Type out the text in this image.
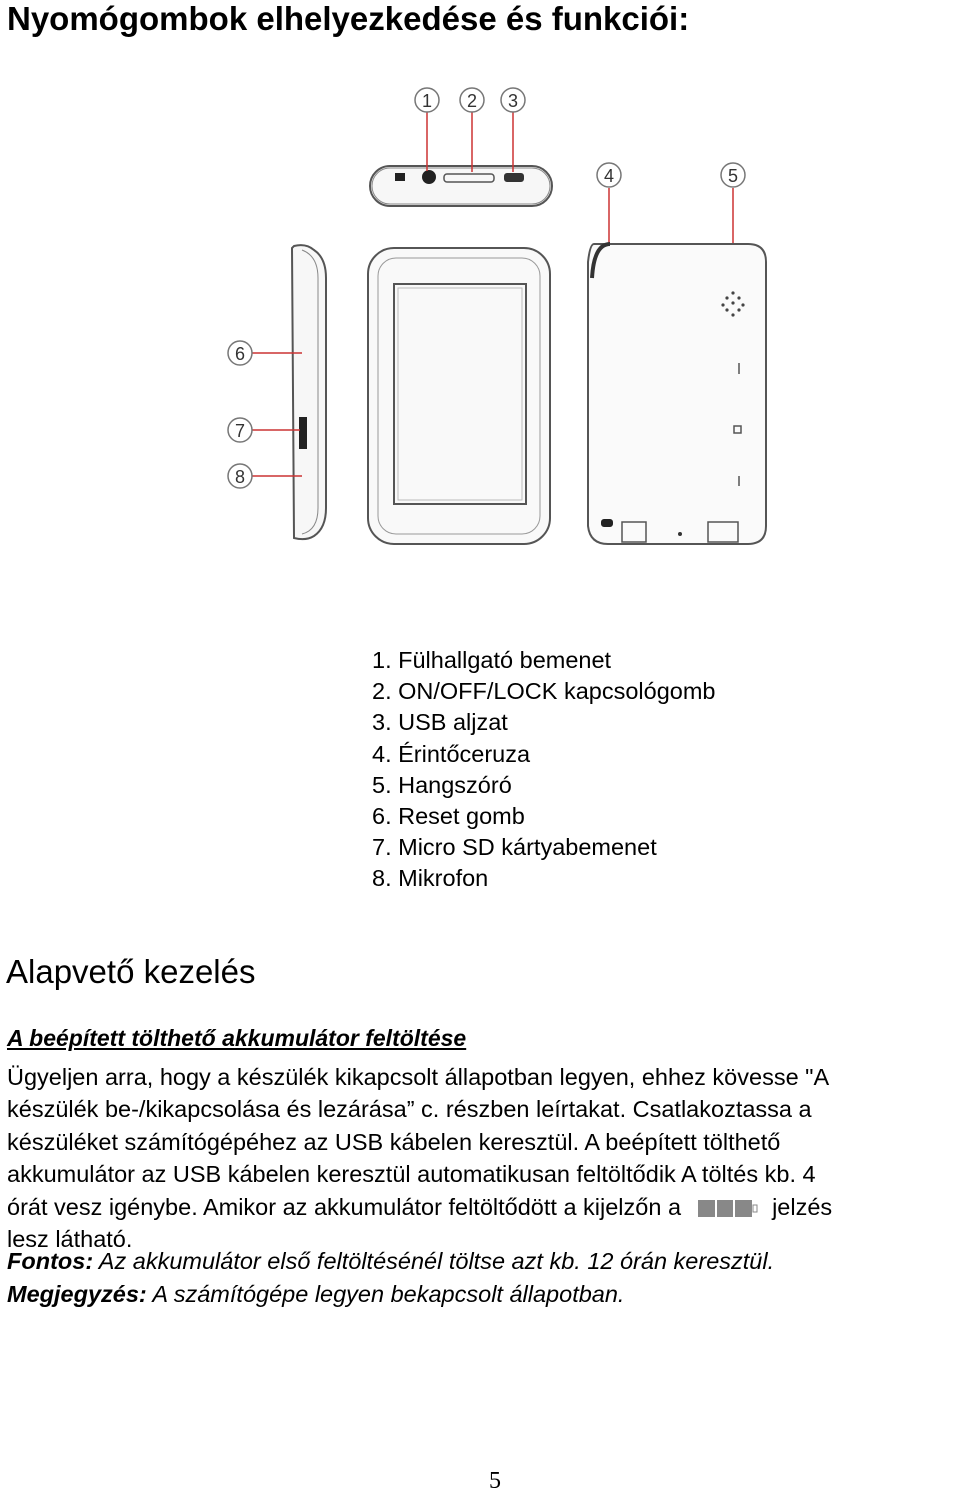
Nyomógombok elhelyezkedése és funkciói:
1 2 3
4	5
6
7
8
1. Fülhallgató bemenet
2. ON/OFF/LOCK kapcsológomb
3. USB aljzat
4. Érintőceruza
5. Hangszóró
6. Reset gomb
7. Micro SD kártyabemenet
8. Mikrofon
Alapvető kezelés
A beépített tölthető akkumulátor feltöltése
Ügyeljen arra, hogy a készülék kikapcsolt állapotban legyen, ehhez kövesse "A
készülék be-/kikapcsolása és lezárása” c. részben leírtakat. Csatlakoztassa a
készüléket számítógépéhez az USB kábelen keresztül. A beépített tölthető
akkumulátor az USB kábelen keresztül automatikusan feltöltődik A töltés kb. 4
órát vesz igénybe. Amikor az akkumulátor feltöltődött a kijelzőn a	jelzés
lesz látható.
Fontos: Az akkumulátor első feltöltésénél töltse azt kb. 12 órán keresztül.
Megjegyzés: A számítógépe legyen bekapcsolt állapotban.
5
